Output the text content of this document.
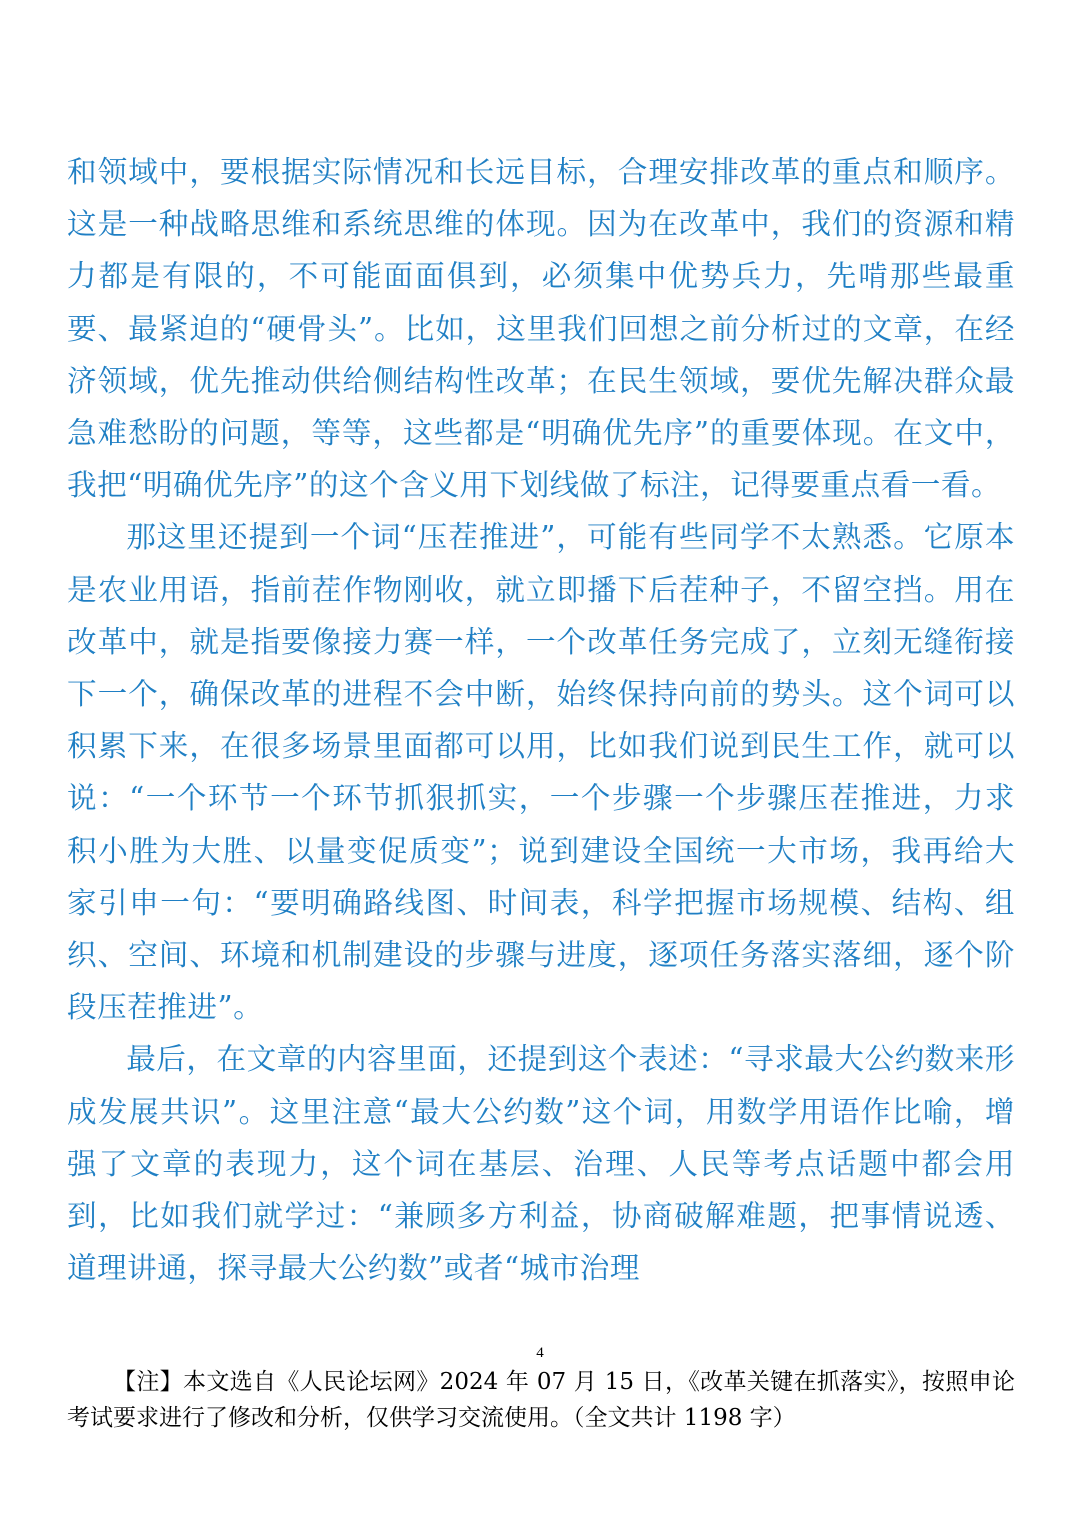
和领域中，要根据实际情况和长远目标，合理安排改革的重点和顺序。这是一种战略思维和系统思维的体现。因为在改革中，我们的资源和精力都是有限的，不可能面面俱到，必须集中优势兵力，先啃那些最重要、最紧迫的“硬骨头”。比如，这里我们回想之前分析过的文章，在经济领域，优先推动供给侧结构性改革；在民生领域，要优先解决群众最急难愁盼的问题，等等，这些都是“明确优先序”的重要体现。在文中，我把“明确优先序”的这个含义用下划线做了标注，记得要重点看一看。

那这里还提到一个词“压茬推进”，可能有些同学不太熟悉。它原本是农业用语，指前茬作物刚收，就立即播下后茬种子，不留空挡。用在改革中，就是指要像接力赛一样，一个改革任务完成了，立刻无缝衔接下一个，确保改革的进程不会中断，始终保持向前的势头。这个词可以积累下来，在很多场景里面都可以用，比如我们说到民生工作，就可以说：“一个环节一个环节抓狠抓实，一个步骤一个步骤压茬推进，力求积小胜为大胜、以量变促质变”；说到建设全国统一大市场，我再给大家引申一句：“要明确路线图、时间表，科学把握市场规模、结构、组织、空间、环境和机制建设的步骤与进度，逐项任务落实落细，逐个阶段压茬推进”。

最后，在文章的内容里面，还提到这个表述：“寻求最大公约数来形成发展共识”。这里注意“最大公约数”这个词，用数学用语作比喻，增强了文章的表现力，这个词在基层、治理、人民等考点话题中都会用到，比如我们就学过：“兼顾多方利益，协商破解难题，把事情说透、道理讲通，探寻最大公约数”或者“城市治理

4

【注】本文选自《人民论坛网》2024 年 07 月 15 日，《改革关键在抓落实》，按照申论考试要求进行了修改和分析，仅供学习交流使用。（全文共计 1198 字）
